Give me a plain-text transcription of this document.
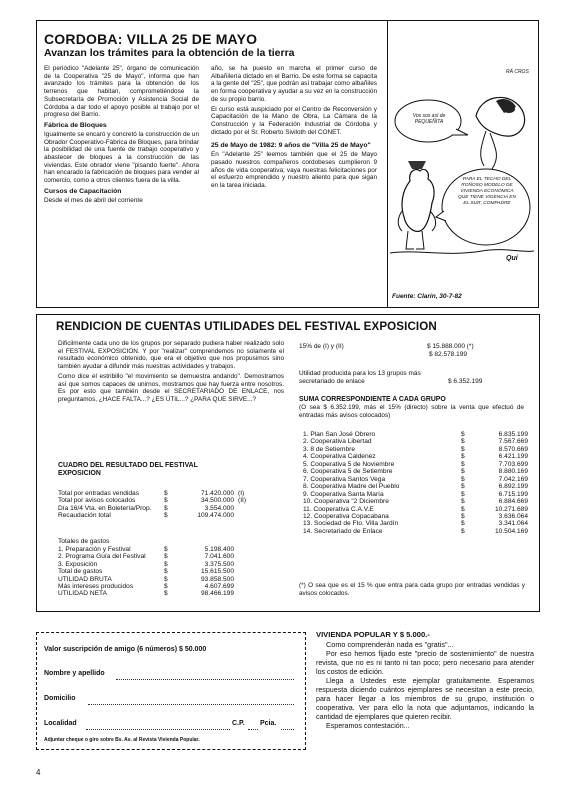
CORDOBA: VILLA 25 DE MAYO
Avanzan los trámites para la obtención de la tierra

El periódico "Adelante 25", órgano de comunicación de la Cooperativa "25 de Mayo", informa que han avanzado los trámites para la obtención de los terrenos que habitan, comprometiéndose la Subsecretaría de Promoción y Asistencia Social de Córdoba a dar todo el apoyo posible al trabajo por el progreso del Barrio.

Fábrica de Bloques

Igualmente se encaró y concretó la construcción de un Obrador Cooperativo-Fábrica de Bloques, para brindar la posibilidad de una fuente de trabajo cooperativo y abastecer de bloques a la construcción de las viviendas. Este obrador viene "pisando fuerte". Ahora han encarado la fabricación de bloques para vender al comercio, como a otros clientes fuera de la villa.

Cursos de Capacitación

Desde el mes de abril del corriente

año, se ha puesto en marcha el primer curso de Albañilería dictado en el Barrio. De este forma se capacita a la gente del "25", que podrán así trabajar como albañiles en forma cooperativa y ayudar a su vez en la construcción de su propio barrio.

El curso está auspiciado por el Centro de Reconversión y Capacitación de la Mano de Obra, La Cámara de la Construcción y la Federación Industrial de Córdoba y dictado por el Sr. Roberto Siviloth del CONET.

25 de Mayo de 1982: 9 años de "Villa 25 de Mayo"

En "Adelante 25" leemos también que el 25 de Mayo pasado nuestros compañeros cordobeses cumplieron 9 años de vida cooperativa; vaya nuestras felicitaciones por el esfuerzo emprendido y nuestro aliento para que sigan en la tarea iniciada.

RÁ CROS
Vos sos así de PEQUEÑITA
PARA EL TECHO DEL ROÑOSO MODELO DE VIVIENDA ECONÓMICA QUE TIENE VIGENCIA EN EL SUR, COMPADRE
Quí
Fuente: Clarín, 30-7-82
RENDICION DE CUENTAS UTILIDADES DEL FESTIVAL EXPOSICION

Dificilmente cada uno de los grupos por separado pudiera haber realizado solo el FESTIVAL EXPOSICION. Y por "realizar" comprendemos no solamente el resultado económico obtenido, que era el objetivo que nos propusimos sino también ayudar a difundir más nuestras actividades y trabajos.

Como dice el estribillo "el movimiento se demuestra andando". Demostramos así que somos capaces de unirnos, mostramos que hay fuerza entre nosotros. Es por esto que también desde el SECRETARIADO DE ENLACE, nos preguntamos, ¿HACE FALTA...? ¿ES ÚTIL...? ¿PARA QUE SIRVE...?

CUADRO DEL RESULTADO DEL FESTIVAL EXPOSICION
Total por entradas vendidas	$	71.420.000 (I)
Total por avisos colocados	$	34.500.000 (II)
Día 16/4 Vta. en Boletería/Prop.	$	3.554.000
Recaudación total	$	109.474.000
Totales de gastos
1. Preparación y Festival	$	5.198.400
2. Programa Guía del Festival	$	7.041.600
3. Exposición	$	3.375.500
Total de gastos	$	15.615.500
UTILIDAD BRUTA	$	93.858.500
Más intereses producidos	$	4.607.699
UTILIDAD NETA	$	98.466.199
15% de (I) y (II)	$ 15.888.000 (*)
$ 82.578.199
Utilidad producida para los 13 grupos más secretariado de enlace	$ 6.352.199
SUMA CORRESPONDIENTE A CADA GRUPO
(O sea $ 6.352.199, más el 15% (directo) sobre la venta que efectuó de entradas más avisos colocados)
1. Plan San José Obrero	$	6.835.199
2. Cooperativa Libertad	$	7.567.669
3. 8 de Setiembre	$	8.570.669
4. Cooperativa Caldenez	$	6.421.199
5. Cooperativa 5 de Noviembre	$	7.703.699
6. Cooperativa 5 de Setiembre	$	8.880.169
7. Cooperativa Santos Vega	$	7.042.169
8. Cooperativa Madre del Pueblo	$	6.892.199
9. Cooperativa Santa María	$	6.715.199
10. Cooperativa "2 Diciembre	$	6.884.669
11. Cooperativa C.A.V.E	$	10.271.689
12. Cooperativa Copacabana	$	3.636.064
13. Sociedad de Fto. Villa Jardín	$	3.341.064
14. Secretariado de Enlace	$	10.504.169
(*) O sea que es el 15 % que entra para cada grupo por entradas vendidas y avisos colocados.
Valor suscripción de amigo (6 números) $ 50.000
Nombre y apellido
Domicilio
Localidad	C.P. Pcia.
Adjuntar cheque o giro sobre Bs. As. al Revista Vivienda Popular.
VIVIENDA POPULAR Y $ 5.000.-
Como comprenderán nada es "gratis"...

Por eso hemos fijado este "precio de sostenimiento" de nuestra revista, que no es ni tanto ni tan poco; pero necesario para atender los costos de edición.

Llega a Ustedes este ejemplar gratuitamente. Esperamos respuesta diciendo cuántos ejemplares se necesitan a este precio, para hacer llegar a los miembros de su grupo, institución o cooperativa. Ver para ello la nota que adjuntamos, indicando la cantidad de ejemplares que quieren recibir.

Esperamos contestación...

4
